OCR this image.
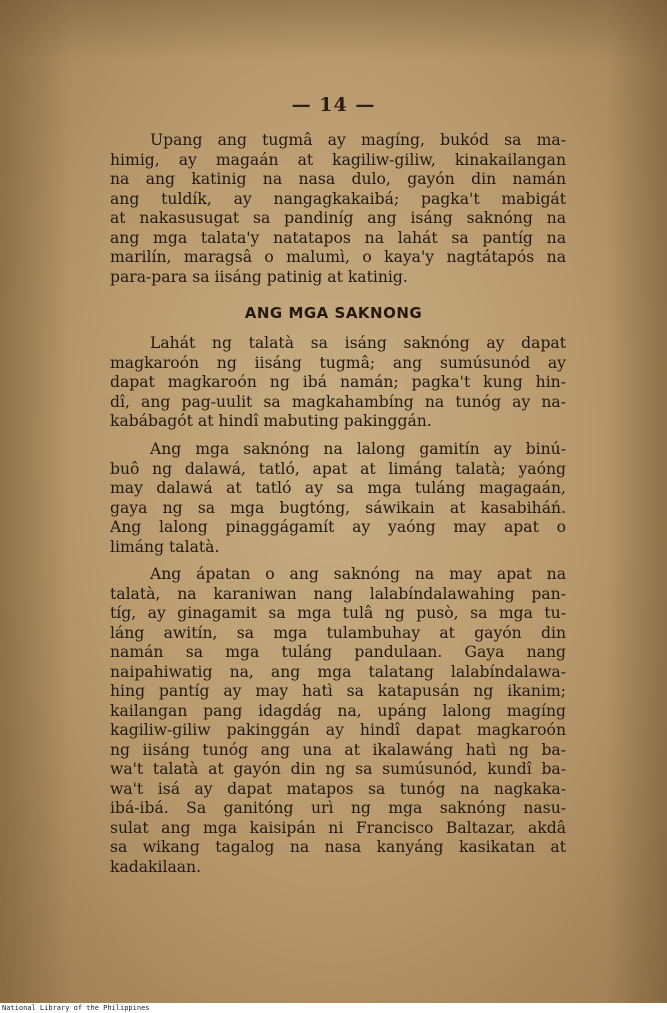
— 14 —
Upang ang tugmâ ay magíng, bukód sa ma-
himig, ay magaán at kagiliw-giliw, kinakailangan
na ang katinig na nasa dulo, gayón din namán
ang tuldík, ay nangagkakaibá; pagka't mabigát
at nakasusugat sa pandiníg ang isáng saknóng na
ang mga talata'y natatapos na lahát sa pantíg na
marilín, maragsâ o malumì, o kaya'y nagtátapós na
para-para sa iisáng patinig at katinig.
ANG MGA SAKNONG
Lahát ng talatà sa isáng saknóng ay dapat
magkaroón ng iisáng tugmâ; ang sumúsunód ay
dapat magkaroón ng ibá namán; pagka't kung hin-
dî, ang pag-uulit sa magkahambíng na tunóg ay na-
kabábagót at hindî mabuting pakinggán.
Ang mga saknóng na lalong gamitín ay binú-
buô ng dalawá, tatló, apat at limáng talatà; yaóng
may dalawá at tatló ay sa mga tuláng magagaán,
gaya ng sa mga bugtóng, sáwikain at kasabiháń.
Ang lalong pinaggágamít ay yaóng may apat o
limáng talatà.
Ang ápatan o ang saknóng na may apat na
talatà, na karaniwan nang lalabíndalawahing pan-
tíg, ay ginagamit sa mga tulâ ng pusò, sa mga tu-
láng awitín, sa mga tulambuhay at gayón din
namán sa mga tuláng pandulaan. Gaya nang
naipahiwatig na, ang mga talatang lalabíndalawa-
hing pantíg ay may hatì sa katapusán ng ikanim;
kailangan pang idagdág na, upáng lalong magíng
kagiliw-giliw pakinggán ay hindî dapat magkaroón
ng iisáng tunóg ang una at ikalawáng hatì ng ba-
wa't talatà at gayón din ng sa sumúsunód, kundî ba-
wa't isá ay dapat matapos sa tunóg na nagkaka-
ibá-ibá. Sa ganitóng urì ng mga saknóng nasu-
sulat ang mga kaisipán ni Francisco Baltazar, akdâ
sa wikang tagalog na nasa kanyáng kasikatan at
kadakilaan.
National Library of the Philippines
